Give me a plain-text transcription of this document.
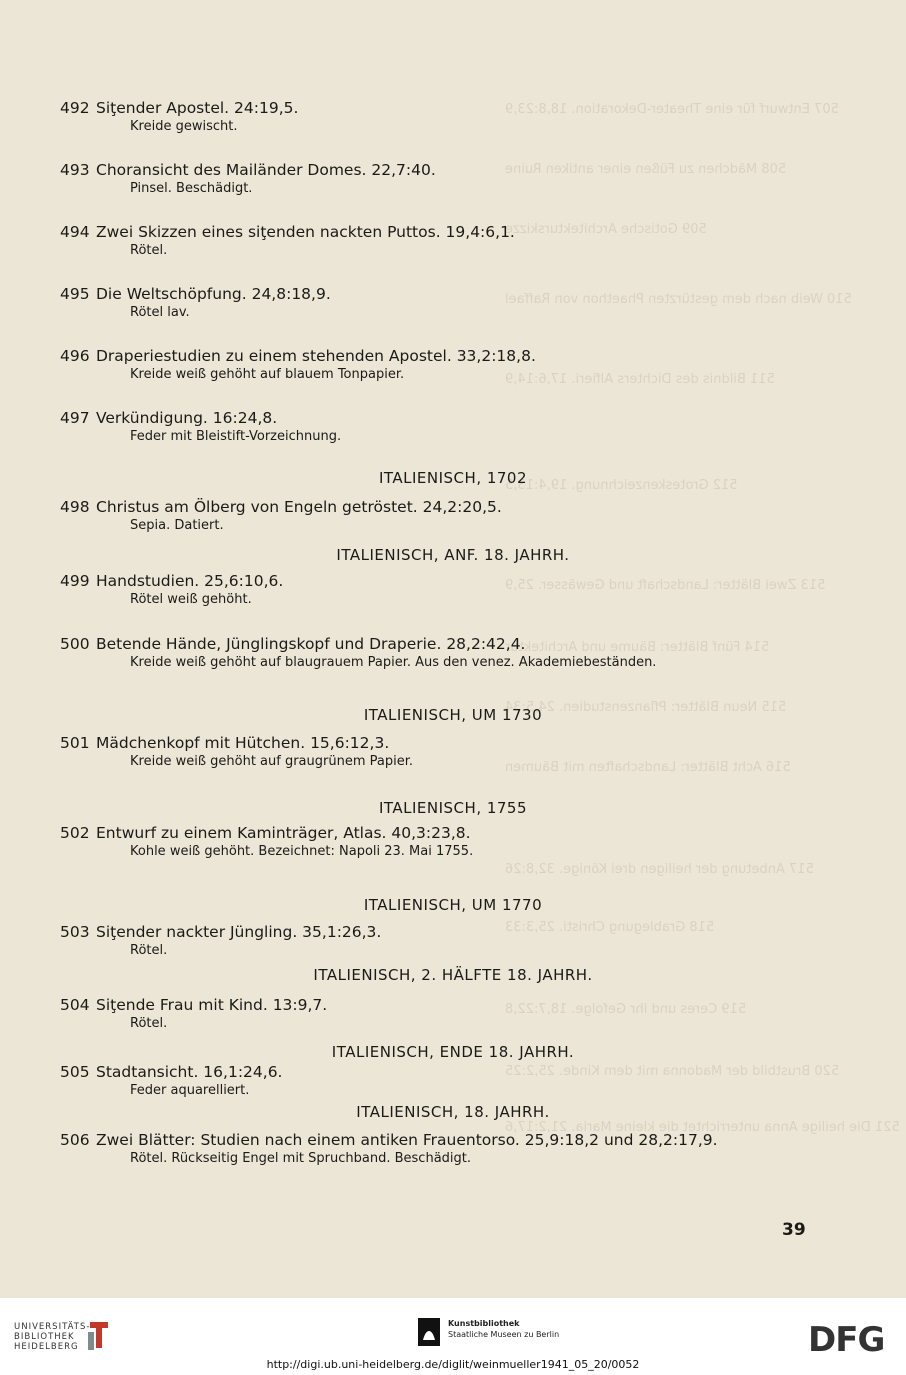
507 Entwurf für eine Theater-Dekoration. 18,8:23,9
508 Mädchen zu Füßen einer antiken Ruine
509 Gotische Architekturskizze
510 Weib nach dem gestürzten Phaethon von Raffael
511 Bildnis des Dichters Alfieri. 17,6:14,9
512 Groteskenzeichnung. 19,4:13,5
513 Zwei Blätter: Landschaft und Gewässer. 25,9
514 Fünf Blätter: Bäume und Architektur
515 Neun Blätter: Pflanzenstudien. 24,5:34
516 Acht Blätter: Landschaften mit Bäumen
517 Anbetung der heiligen drei Könige. 32,8:26
518 Grablegung Christi. 25,3:33
519 Ceres und ihr Gefolge. 18,7:22,8
520 Brustbild der Madonna mit dem Kinde. 25,2:25
521 Die heilige Anna unterrichtet die kleine Maria. 21,2:17,6
492 Siţender Apostel. 24:19,5.
Kreide gewischt.
493 Choransicht des Mailänder Domes. 22,7:40.
Pinsel. Beschädigt.
494 Zwei Skizzen eines siţenden nackten Puttos. 19,4:6,1.
Rötel.
495 Die Weltschöpfung. 24,8:18,9.
Rötel lav.
496 Draperiestudien zu einem stehenden Apostel. 33,2:18,8.
Kreide weiß gehöht auf blauem Tonpapier.
497 Verkündigung. 16:24,8.
Feder mit Bleistift-Vorzeichnung.
ITALIENISCH, 1702
498 Christus am Ölberg von Engeln getröstet. 24,2:20,5.
Sepia. Datiert.
ITALIENISCH, ANF. 18. JAHRH.
499 Handstudien. 25,6:10,6.
Rötel weiß gehöht.
500 Betende Hände, Jünglingskopf und Draperie. 28,2:42,4.
Kreide weiß gehöht auf blaugrauem Papier. Aus den venez. Akademiebeständen.
ITALIENISCH, UM 1730
501 Mädchenkopf mit Hütchen. 15,6:12,3.
Kreide weiß gehöht auf graugrünem Papier.
ITALIENISCH, 1755
502 Entwurf zu einem Kaminträger, Atlas. 40,3:23,8.
Kohle weiß gehöht. Bezeichnet: Napoli 23. Mai 1755.
ITALIENISCH, UM 1770
503 Siţender nackter Jüngling. 35,1:26,3.
Rötel.
ITALIENISCH, 2. HÄLFTE 18. JAHRH.
504 Siţende Frau mit Kind. 13:9,7.
Rötel.
ITALIENISCH, ENDE 18. JAHRH.
505 Stadtansicht. 16,1:24,6.
Feder aquarelliert.
ITALIENISCH, 18. JAHRH.
506 Zwei Blätter: Studien nach einem antiken Frauentorso. 25,9:18,2 und 28,2:17,9.
Rötel. Rückseitig Engel mit Spruchband. Beschädigt.
39
UNIVERSITÄTS-
BIBLIOTHEK
HEIDELBERG
Kunstbibliothek
Staatliche Museen zu Berlin	DFG
http://digi.ub.uni-heidelberg.de/diglit/weinmueller1941_05_20/0052
